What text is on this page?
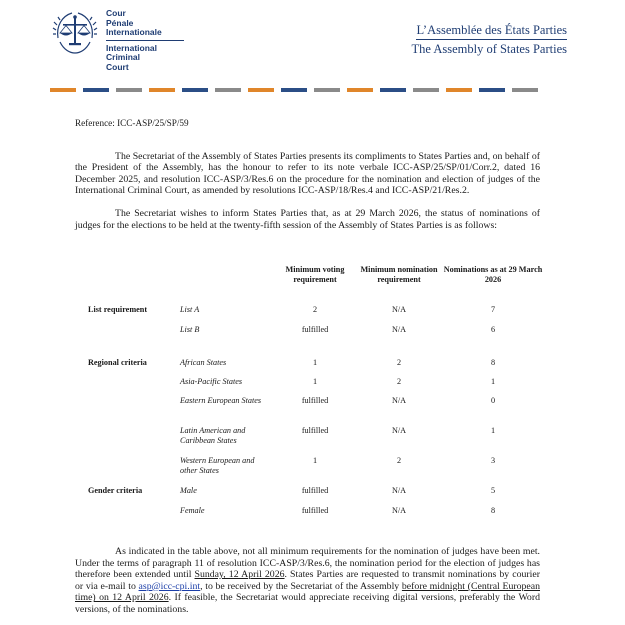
Cour
Pénale
Internationale
International
Criminal
Court
L’Assemblée des États Parties
The Assembly of States Parties

Reference: ICC-ASP/25/SP/59

The Secretariat of the Assembly of States Parties presents its compliments to States Parties and, on behalf of the President of the Assembly, has the honour to refer to its note verbale ICC-ASP/25/SP/01/Corr.2, dated 16 December 2025, and resolution ICC-ASP/3/Res.6 on the procedure for the nomination and election of judges of the International Criminal Court, as amended by resolutions ICC-ASP/18/Res.4 and ICC-ASP/21/Res.2.

The Secretariat wishes to inform States Parties that, as at 29 March 2026, the status of nominations of judges for the elections to be held at the twenty-fifth session of the Assembly of States Parties is as follows:

		Minimum voting requirement	Minimum nomination requirement	Nominations as at 29 March 2026
List requirement	List A	2	N/A	7
	List B	fulfilled	N/A	6
Regional criteria	African States	1	2	8
	Asia-Pacific States	1	2	1
	Eastern European States	fulfilled	N/A	0
	Latin American and Caribbean States	fulfilled	N/A	1
	Western European and other States	1	2	3
Gender criteria	Male	fulfilled	N/A	5
	Female	fulfilled	N/A	8

As indicated in the table above, not all minimum requirements for the nomination of judges have been met. Under the terms of paragraph 11 of resolution ICC-ASP/3/Res.6, the nomination period for the election of judges has therefore been extended until Sunday, 12 April 2026. States Parties are requested to transmit nominations by courier or via e-mail to asp@icc-cpi.int, to be received by the Secretariat of the Assembly before midnight (Central European time) on 12 April 2026. If feasible, the Secretariat would appreciate receiving digital versions, preferably the Word versions, of the nominations.
